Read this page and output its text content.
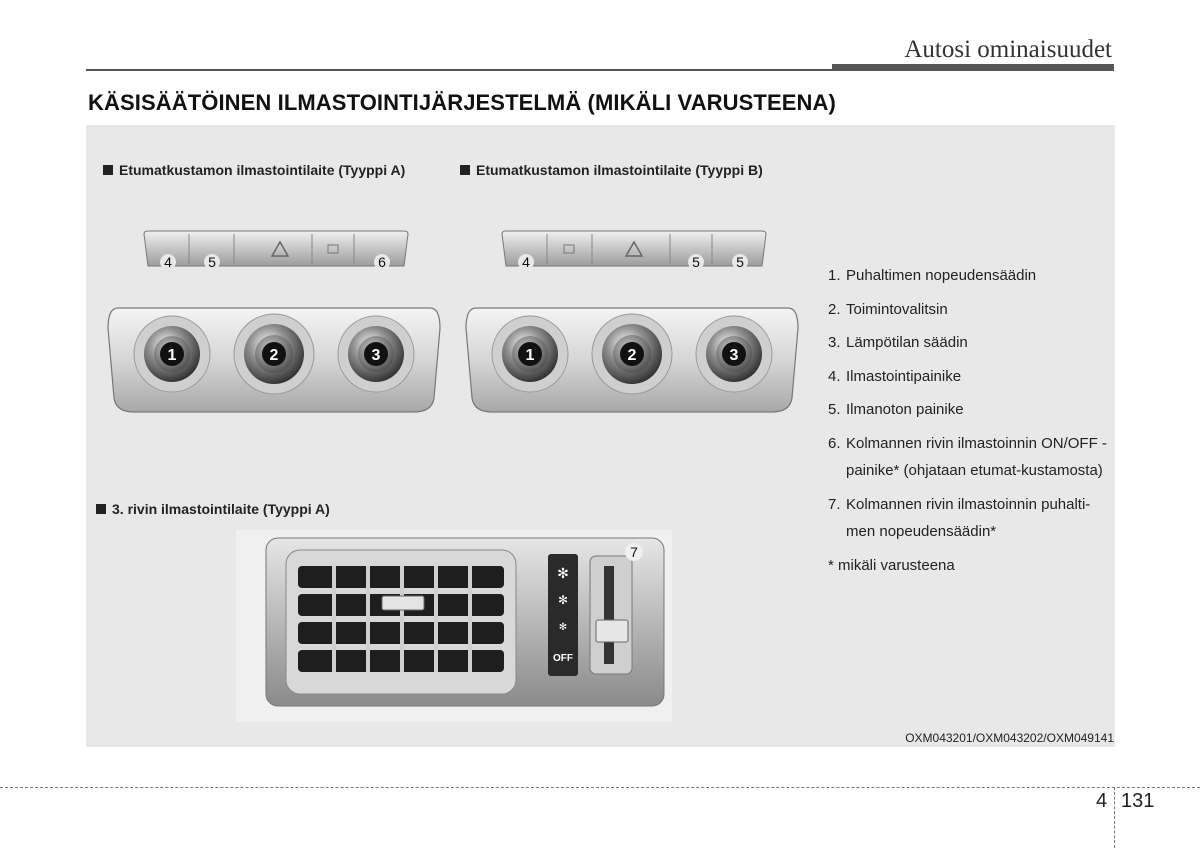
Autosi ominaisuudet
KÄSISÄÄTÖINEN ILMASTOINTIJÄRJESTELMÄ (MIKÄLI VARUSTEENA)
Etumatkustamon ilmastointilaite (Tyyppi A)	Etumatkustamon ilmastointilaite (Tyyppi B)
3. rivin ilmastointilaite (Tyyppi A)
4	5	6
1	2	3
4	5	5
1	2	3
✻
✻
✻
OFF
7
1. Puhaltimen nopeudensäädin
2. Toimintovalitsin
3. Lämpötilan säädin
4. Ilmastointipainike
5. Ilmanoton painike
6. Kolmannen rivin ilmastoinnin ON/OFF -painike* (ohjataan etumat-kustamosta)
7. Kolmannen rivin ilmastoinnin puhalti-men nopeudensäädin*
* mikäli varusteena
OXM043201/OXM043202/OXM049141
4 131
